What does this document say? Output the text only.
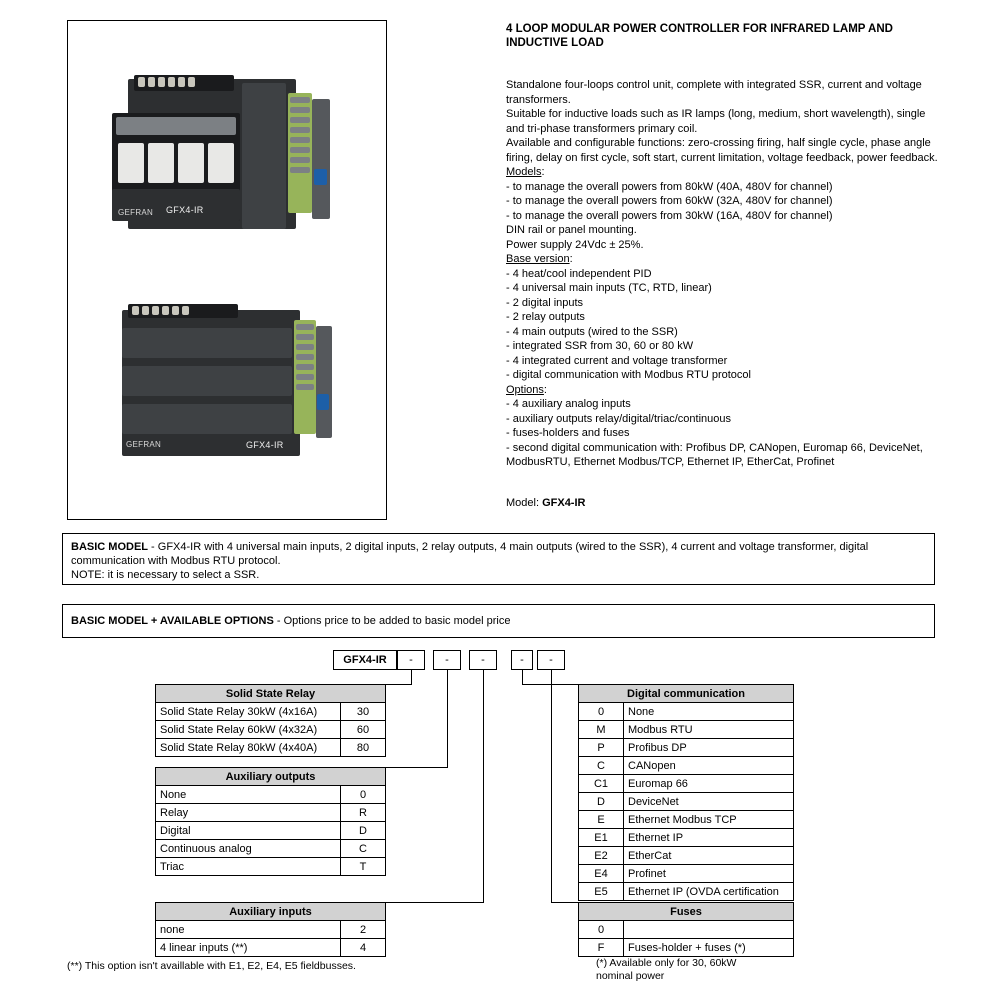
GEFRAN GFX4-IR
GEFRAN	GFX4-IR
4 LOOP MODULAR POWER CONTROLLER FOR INFRARED LAMP AND INDUCTIVE LOAD
Standalone four-loops control unit, complete with integrated SSR, current and voltage transformers.
Suitable for inductive loads such as IR lamps (long, medium, short wavelength), single and tri-phase transformers primary coil.
Available and configurable functions: zero-crossing firing, half single cycle, phase angle firing, delay on first cycle, soft start, current limitation, voltage feedback, power feedback.
Models:
- to manage the overall powers from 80kW (40A, 480V for channel)
- to manage the overall powers from 60kW (32A, 480V for channel)
- to manage the overall powers from 30kW (16A, 480V for channel)
DIN rail or panel mounting.
Power supply 24Vdc ± 25%.
Base version:
- 4 heat/cool independent PID
- 4 universal main inputs (TC, RTD, linear)
- 2 digital inputs
- 2 relay outputs
- 4 main outputs (wired to the SSR)
- integrated SSR from 30, 60 or 80 kW
- 4 integrated current and voltage transformer
- digital communication with Modbus RTU protocol
Options:
- 4 auxiliary analog inputs
- auxiliary outputs relay/digital/triac/continuous
- fuses-holders and fuses
- second digital communication with: Profibus DP, CANopen, Euromap 66, DeviceNet, ModbusRTU, Ethernet Modbus/TCP, Ethernet IP, EtherCat, Profinet
Model: GFX4-IR
BASIC MODEL - GFX4-IR with 4 universal main inputs, 2 digital inputs, 2 relay outputs, 4 main outputs (wired to the SSR), 4 current and voltage transformer, digital communication with Modbus RTU protocol.
NOTE: it is necessary to select a SSR.
BASIC MODEL + AVAILABLE OPTIONS - Options price to be added to basic model price
GFX4-IR	-	-	-	-	-
Solid State Relay	
Solid State Relay 30kW (4x16A)	30
Solid State Relay 60kW (4x32A)	60
Solid State Relay 80kW (4x40A)	80
Auxiliary outputs	
None	0
Relay	R
Digital	D
Continuous analog	C
Triac	T
Auxiliary inputs	
none	2
4 linear inputs (**)	4
Digital communication	
0	None
M	Modbus RTU
P	Profibus DP
C	CANopen
C1	Euromap 66
D	DeviceNet
E	Ethernet Modbus TCP
E1	Ethernet IP
E2	EtherCat
E4	Profinet
E5	Ethernet IP (OVDA certification
Fuses	
0	
F	Fuses-holder + fuses (*)
(**) This option isn't availlable with E1, E2, E4, E5 fieldbusses.	(*) Available only for 30, 60kW
nominal power
